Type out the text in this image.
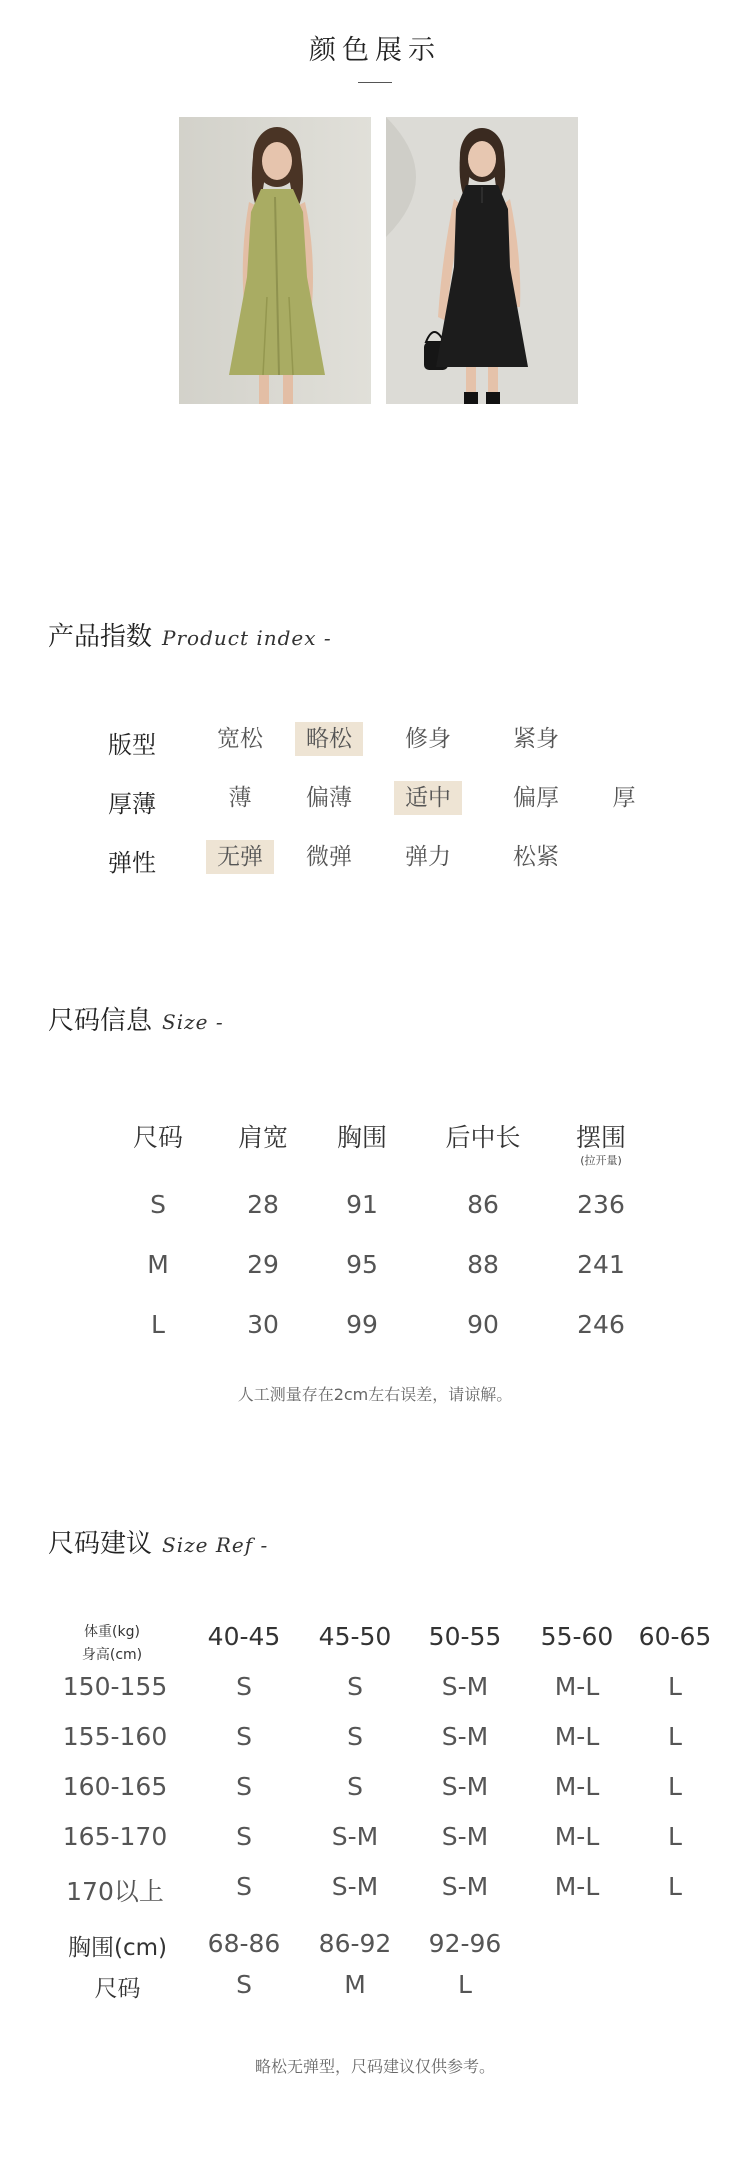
颜色展示
产品指数 Product index -
版型	宽松	略松	修身	紧身
厚薄	薄	偏薄	适中	偏厚	厚
弹性	无弹	微弹	弹力	松紧
尺码信息 Size -
尺码	肩宽	胸围	后中长	摆围
(拉开量)
S	28	91	86	236
M	29	95	88	241
L	30	99	90	246
人工测量存在2cm左右误差，请谅解。
尺码建议 Size Ref -
体重(kg)
身高(cm)
40-45	45-50	50-55	55-60	60-65
150-155	S	S	S-M	M-L	L
155-160	S	S	S-M	M-L	L
160-165	S	S	S-M	M-L	L
165-170	S	S-M	S-M	M-L	L
170以上	S	S-M	S-M	M-L	L
胸围(cm)	68-86	86-92	92-96
尺码	S	M	L
略松无弹型，尺码建议仅供参考。
